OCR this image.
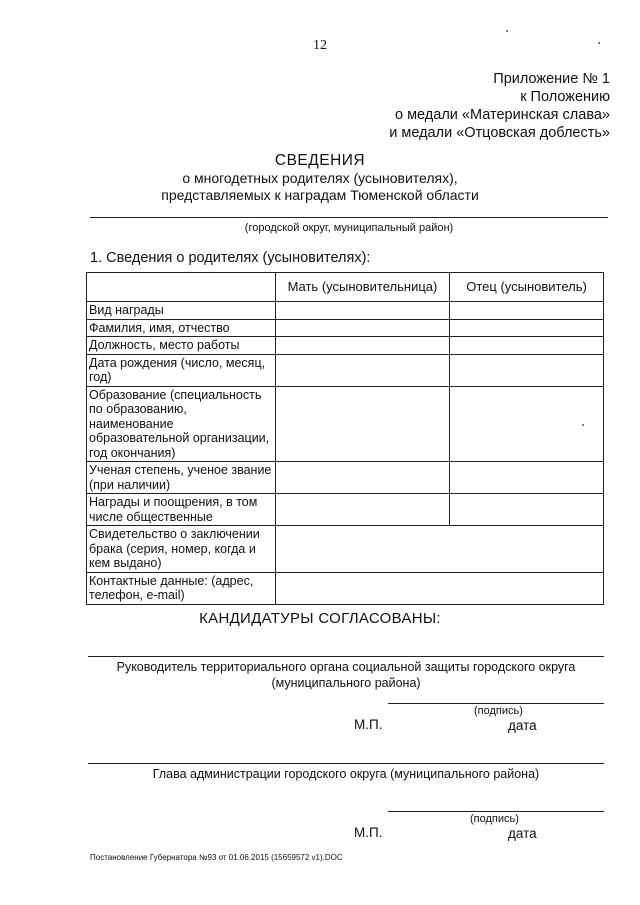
12
Приложение № 1
к Положению
о медали «Материнская слава»
и медали «Отцовская доблесть»
СВЕДЕНИЯ
о многодетных родителях (усыновителях),
представляемых к наградам Тюменской области
(городской округ, муниципальный район)
1. Сведения о родителях (усыновителях):
	Мать (усыновительница)	Отец (усыновитель)
Вид награды		
Фамилия, имя, отчество		
Должность, место работы		
Дата рождения (число, месяц, год)		
Образование (специальность по образованию, наименование образовательной организации, год окончания)		
Ученая степень, ученое звание (при наличии)		
Награды и поощрения, в том числе общественные		
Свидетельство о заключении брака (серия, номер, когда и кем выдано)		
Контактные данные: (адрес, телефон, e-mail)		
КАНДИДАТУРЫ СОГЛАСОВАНЫ:
Руководитель территориального органа социальной защиты городского округа
(муниципального района)
(подпись)
М.П.	дата
Глава администрации городского округа (муниципального района)
(подпись)
М.П.	дата
Постановление Губернатора №93 от 01.06.2015 (15659572 v1).DOC
